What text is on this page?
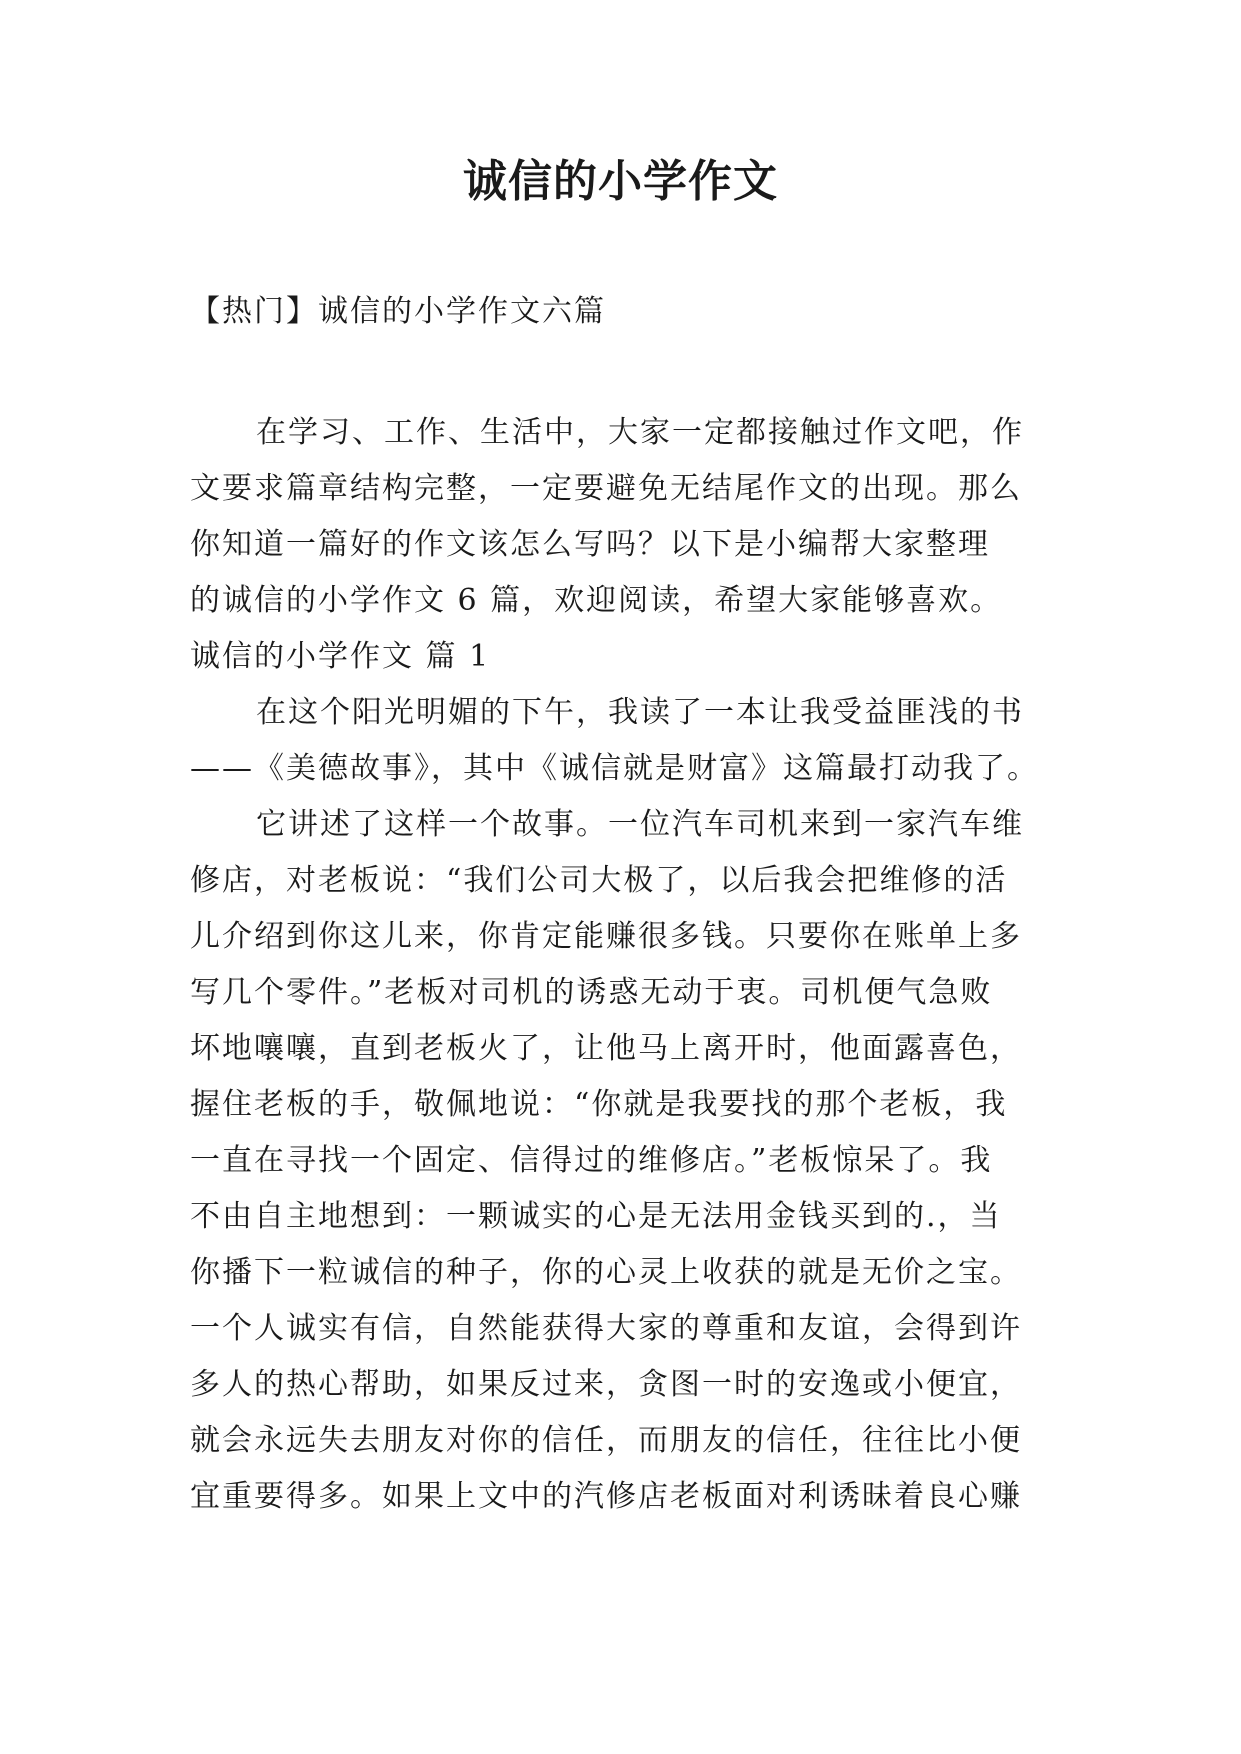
诚信的小学作文
【热门】诚信的小学作文六篇
在学习、工作、生活中，大家一定都接触过作文吧，作
文要求篇章结构完整，一定要避免无结尾作文的出现。那么
你知道一篇好的作文该怎么写吗？以下是小编帮大家整理
的诚信的小学作文 6 篇，欢迎阅读，希望大家能够喜欢。
诚信的小学作文 篇 1
在这个阳光明媚的下午，我读了一本让我受益匪浅的书
——《美德故事》，其中《诚信就是财富》这篇最打动我了。
它讲述了这样一个故事。一位汽车司机来到一家汽车维
修店，对老板说：“我们公司大极了，以后我会把维修的活
儿介绍到你这儿来，你肯定能赚很多钱。只要你在账单上多
写几个零件。”老板对司机的诱惑无动于衷。司机便气急败
坏地嚷嚷，直到老板火了，让他马上离开时，他面露喜色，
握住老板的手，敬佩地说：“你就是我要找的那个老板，我
一直在寻找一个固定、信得过的维修店。”老板惊呆了。我
不由自主地想到：一颗诚实的心是无法用金钱买到的.，当
你播下一粒诚信的种子，你的心灵上收获的就是无价之宝。
一个人诚实有信，自然能获得大家的尊重和友谊，会得到许
多人的热心帮助，如果反过来，贪图一时的安逸或小便宜，
就会永远失去朋友对你的信任，而朋友的信任，往往比小便
宜重要得多。如果上文中的汽修店老板面对利诱昧着良心赚
